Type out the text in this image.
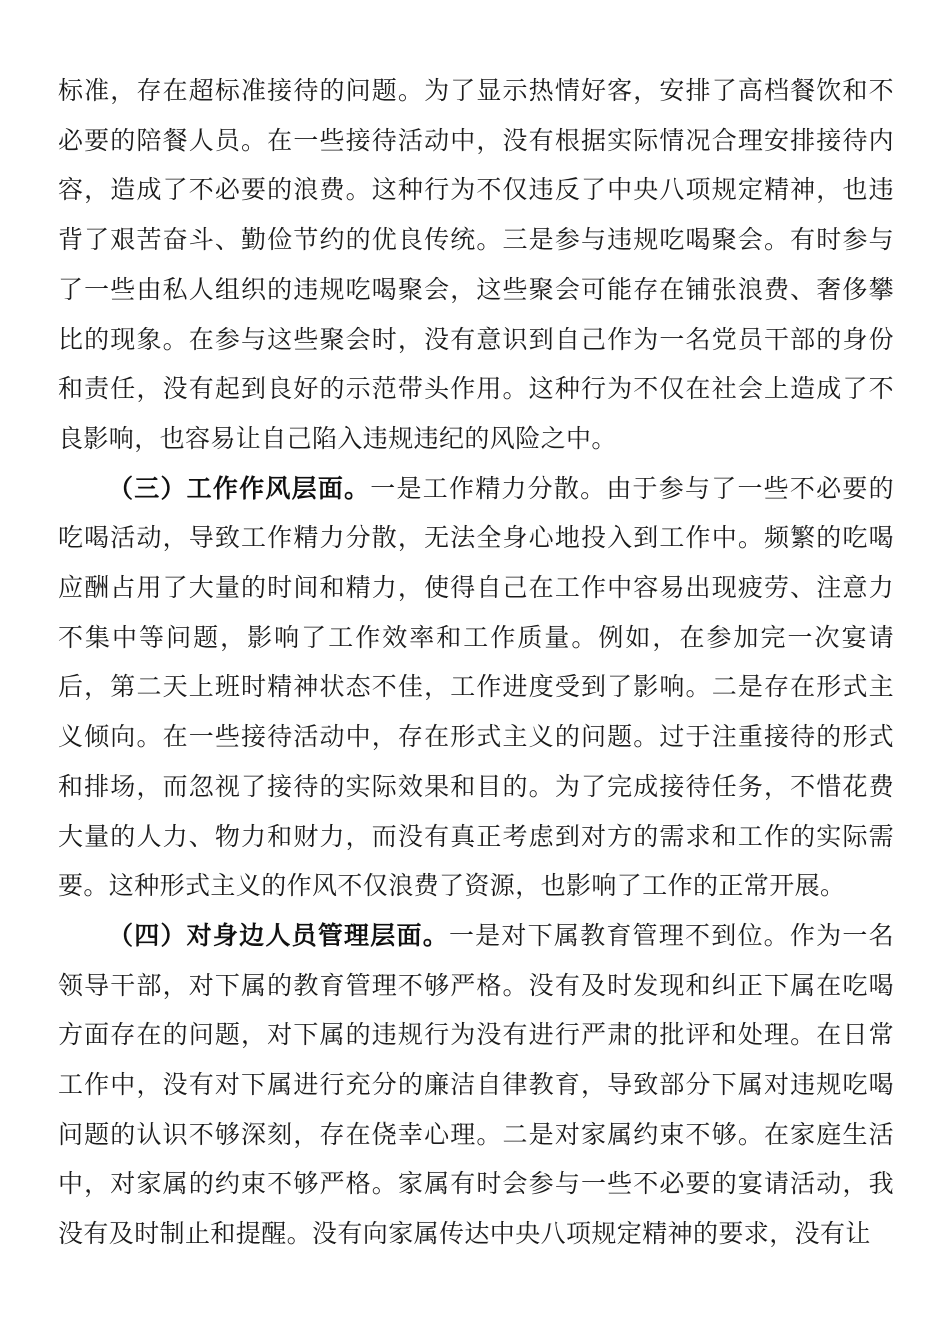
标准，存在超标准接待的问题。为了显示热情好客，安排了高档餐饮和不必要的陪餐人员。在一些接待活动中，没有根据实际情况合理安排接待内容，造成了不必要的浪费。这种行为不仅违反了中央八项规定精神，也违背了艰苦奋斗、勤俭节约的优良传统。三是参与违规吃喝聚会。有时参与了一些由私人组织的违规吃喝聚会，这些聚会可能存在铺张浪费、奢侈攀比的现象。在参与这些聚会时，没有意识到自己作为一名党员干部的身份和责任，没有起到良好的示范带头作用。这种行为不仅在社会上造成了不良影响，也容易让自己陷入违规违纪的风险之中。

（三）工作作风层面。一是工作精力分散。由于参与了一些不必要的吃喝活动，导致工作精力分散，无法全身心地投入到工作中。频繁的吃喝应酬占用了大量的时间和精力，使得自己在工作中容易出现疲劳、注意力不集中等问题，影响了工作效率和工作质量。例如，在参加完一次宴请后，第二天上班时精神状态不佳，工作进度受到了影响。二是存在形式主义倾向。在一些接待活动中，存在形式主义的问题。过于注重接待的形式和排场，而忽视了接待的实际效果和目的。为了完成接待任务，不惜花费大量的人力、物力和财力，而没有真正考虑到对方的需求和工作的实际需要。这种形式主义的作风不仅浪费了资源，也影响了工作的正常开展。

（四）对身边人员管理层面。一是对下属教育管理不到位。作为一名领导干部，对下属的教育管理不够严格。没有及时发现和纠正下属在吃喝方面存在的问题，对下属的违规行为没有进行严肃的批评和处理。在日常工作中，没有对下属进行充分的廉洁自律教育，导致部分下属对违规吃喝问题的认识不够深刻，存在侥幸心理。二是对家属约束不够。在家庭生活中，对家属的约束不够严格。家属有时会参与一些不必要的宴请活动，我没有及时制止和提醒。没有向家属传达中央八项规定精神的要求，没有让
